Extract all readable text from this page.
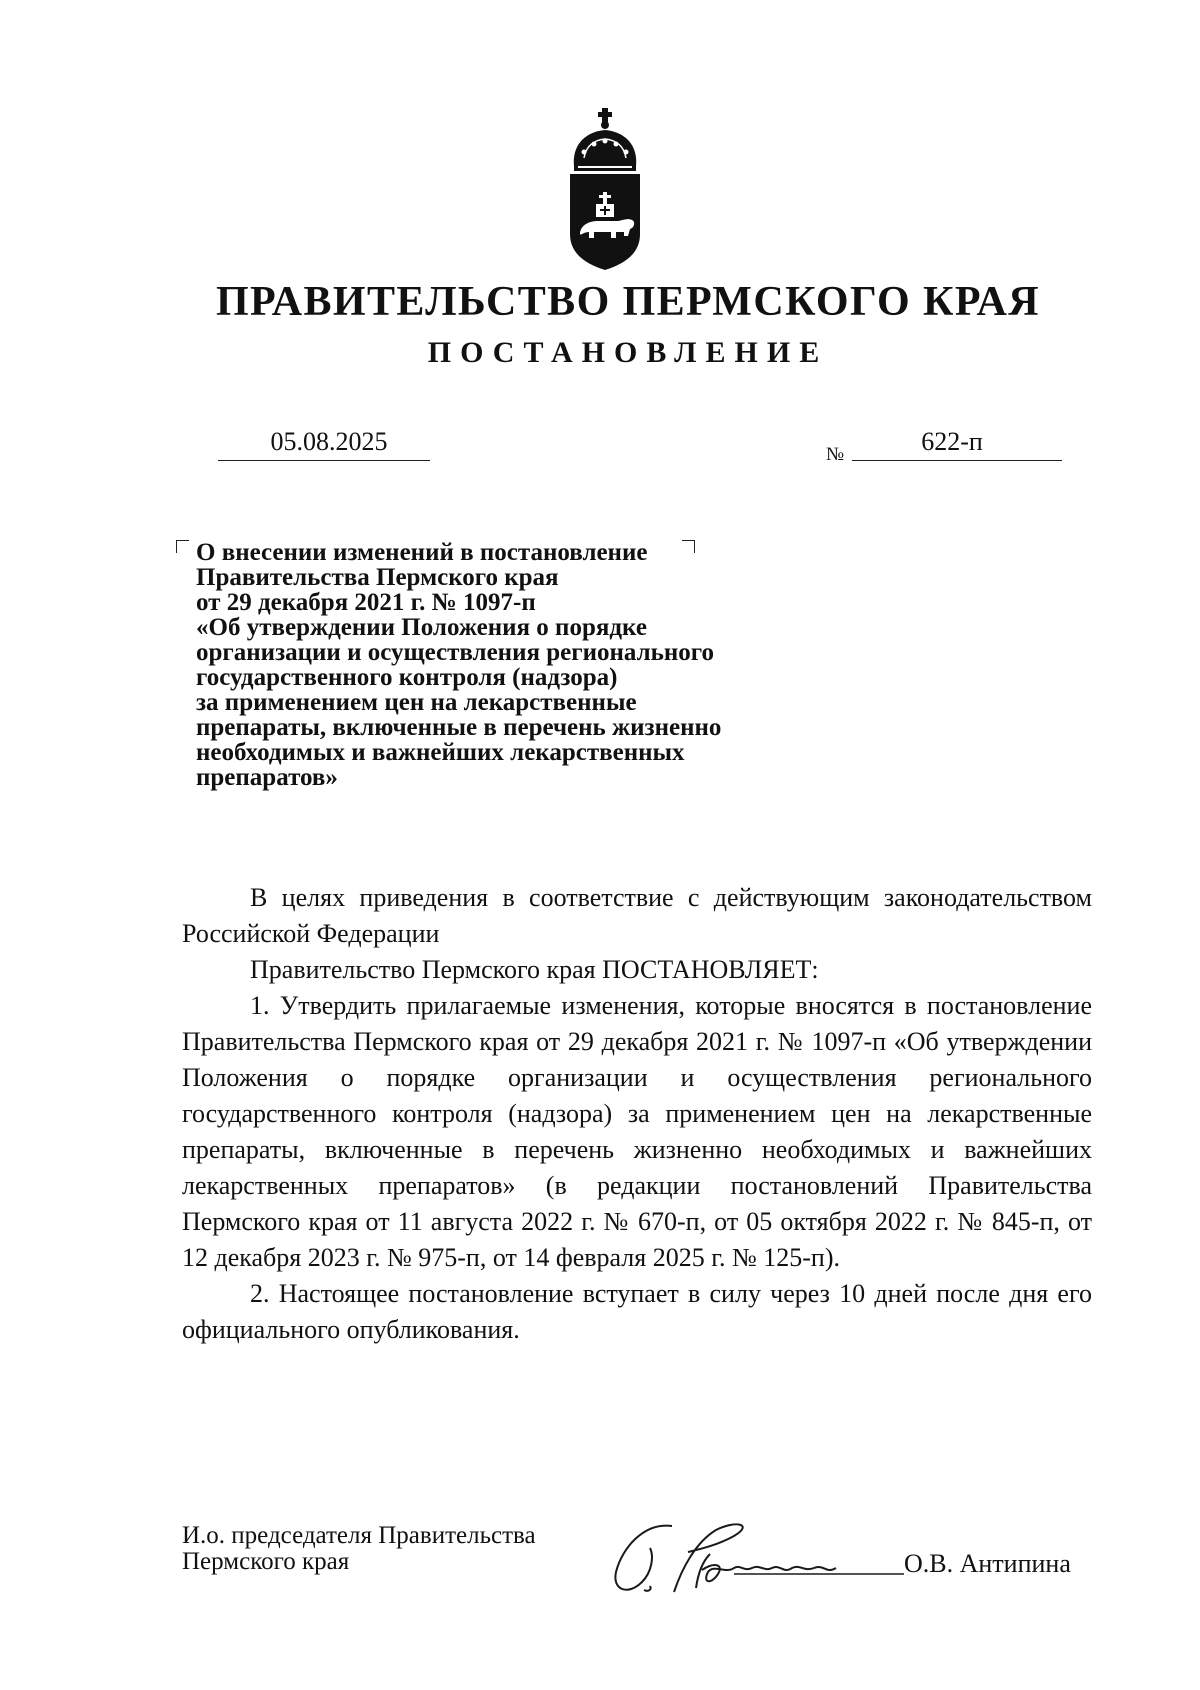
ПРАВИТЕЛЬСТВО ПЕРМСКОГО КРАЯ
ПОСТАНОВЛЕНИЕ
05.08.2025	№	622-п
О внесении изменений в постановление
Правительства Пермского края
от 29 декабря 2021 г. № 1097-п
«Об утверждении Положения о порядке
организации и осуществления регионального
государственного контроля (надзора)
за применением цен на лекарственные
препараты, включенные в перечень жизненно
необходимых и важнейших лекарственных
препаратов»

В целях приведения в соответствие с действующим законодательством Российской Федерации

Правительство Пермского края ПОСТАНОВЛЯЕТ:

1. Утвердить прилагаемые изменения, которые вносятся в постановление Правительства Пермского края от 29 декабря 2021 г. № 1097-п «Об утверждении Положения о порядке организации и осуществления регионального государственного контроля (надзора) за применением цен на лекарственные препараты, включенные в перечень жизненно необходимых и важнейших лекарственных препаратов» (в редакции постановлений Правительства Пермского края от 11 августа 2022 г. № 670-п, от 05 октября 2022 г. № 845-п, от 12 декабря 2023 г. № 975-п, от 14 февраля 2025 г. № 125-п).

2. Настоящее постановление вступает в силу через 10 дней после дня его официального опубликования.

И.о. председателя Правительства
Пермского края	О.В. Антипина
